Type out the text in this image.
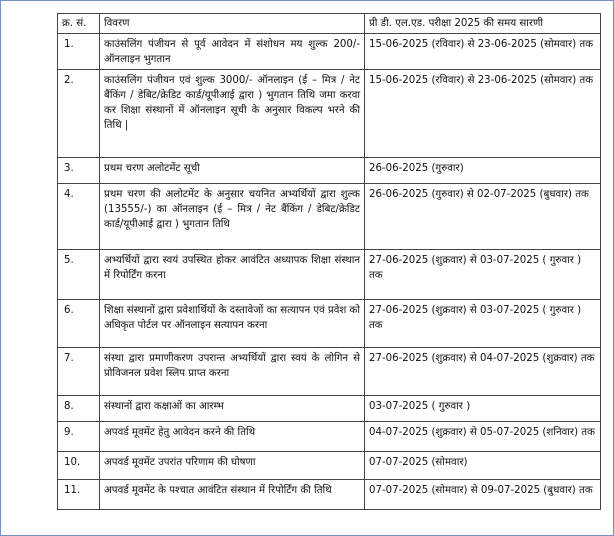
क्र. सं.	विवरण	प्री डी. एल.एड. परीक्षा 2025 की समय सारणी
1.	काउंसलिंग पंजीयन से पूर्व आवेदन में संशोधन मय शुल्क 200/- ऑनलाइन भुगतान	15-06-2025 (रविवार) से 23-06-2025 (सोमवार) तक
2.	काउंसलिंग पंजीयन एवं शुल्क 3000/- ऑनलाइन (ई – मित्र / नेट बैंकिंग / डेबिट/क्रेडिट कार्ड/यूपीआई द्वारा ) भुगतान तिथि जमा करवा कर शिक्षा संस्थानों में ऑनलाइन सूची के अनुसार विकल्प भरने की तिथि |	15-06-2025 (रविवार) से 23-06-2025 (सोमवार) तक
3.	प्रथम चरण अलोटमेंट सूची	26-06-2025 (गुरुवार)
4.	प्रथम चरण की अलोटमेंट के अनुसार चयनित अभ्यर्थियों द्वारा शुल्क (13555/-) का ऑनलाइन (ई – मित्र / नेट बैंकिंग / डेबिट/क्रेडिट कार्ड/यूपीआई द्वारा ) भुगतान तिथि	26-06-2025 (गुरुवार) से 02-07-2025 (बुधवार) तक
5.	अभ्यर्थियों द्वारा स्वयं उपस्थित होकर आवंटित अध्यापक शिक्षा संस्थान में रिपोर्टिंग करना	27-06-2025 (शुक्रवार) से 03-07-2025 ( गुरुवार ) तक
6.	शिक्षा संस्थानों द्वारा प्रवेशार्थियों के दस्तावेजों का सत्यापन एवं प्रवेश को अधिकृत पोर्टल पर ऑनलाइन सत्यापन करना	27-06-2025 (शुक्रवार) से 03-07-2025 ( गुरुवार ) तक
7.	संस्था द्वारा प्रमाणीकरण उपरान्त अभ्यर्थियों द्वारा स्वयं के लोगिन से प्रोविजनल प्रवेश स्लिप प्राप्त करना	27-06-2025 (शुक्रवार) से 04-07-2025 (शुक्रवार) तक
8.	संस्थानों द्वारा कक्षाओं का आरम्भ	03-07-2025 ( गुरुवार )
9.	अपवर्ड मूवमेंट हेतु आवेदन करने की तिथि	04-07-2025 (शुक्रवार) से 05-07-2025 (शनिवार) तक
10.	अपवर्ड मूवमेंट उपरांत परिणाम की घोषणा	07-07-2025 (सोमवार)
11.	अपवर्ड मूवमेंट के पश्चात आवंटित संस्थान में रिपोर्टिंग की तिथि	07-07-2025 (सोमवार) से 09-07-2025 (बुधवार) तक
